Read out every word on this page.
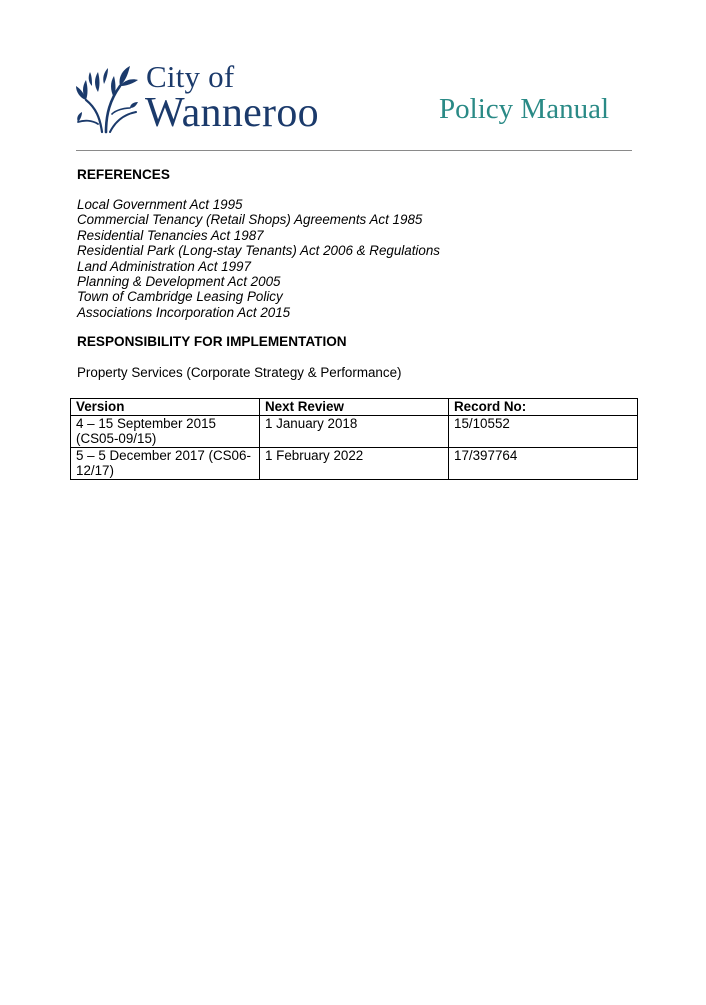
City of
Wanneroo	Policy Manual

REFERENCES

Local Government Act 1995
Commercial Tenancy (Retail Shops) Agreements Act 1985
Residential Tenancies Act 1987
Residential Park (Long-stay Tenants) Act 2006 & Regulations
Land Administration Act 1997
Planning & Development Act 2005
Town of Cambridge Leasing Policy
Associations Incorporation Act 2015

RESPONSIBILITY FOR IMPLEMENTATION

Property Services (Corporate Strategy & Performance)

Version	Next Review	Record No:
4 – 15 September 2015 (CS05-09/15)	1 January 2018	15/10552
5 – 5 December 2017 (CS06-12/17)	1 February 2022	17/397764
